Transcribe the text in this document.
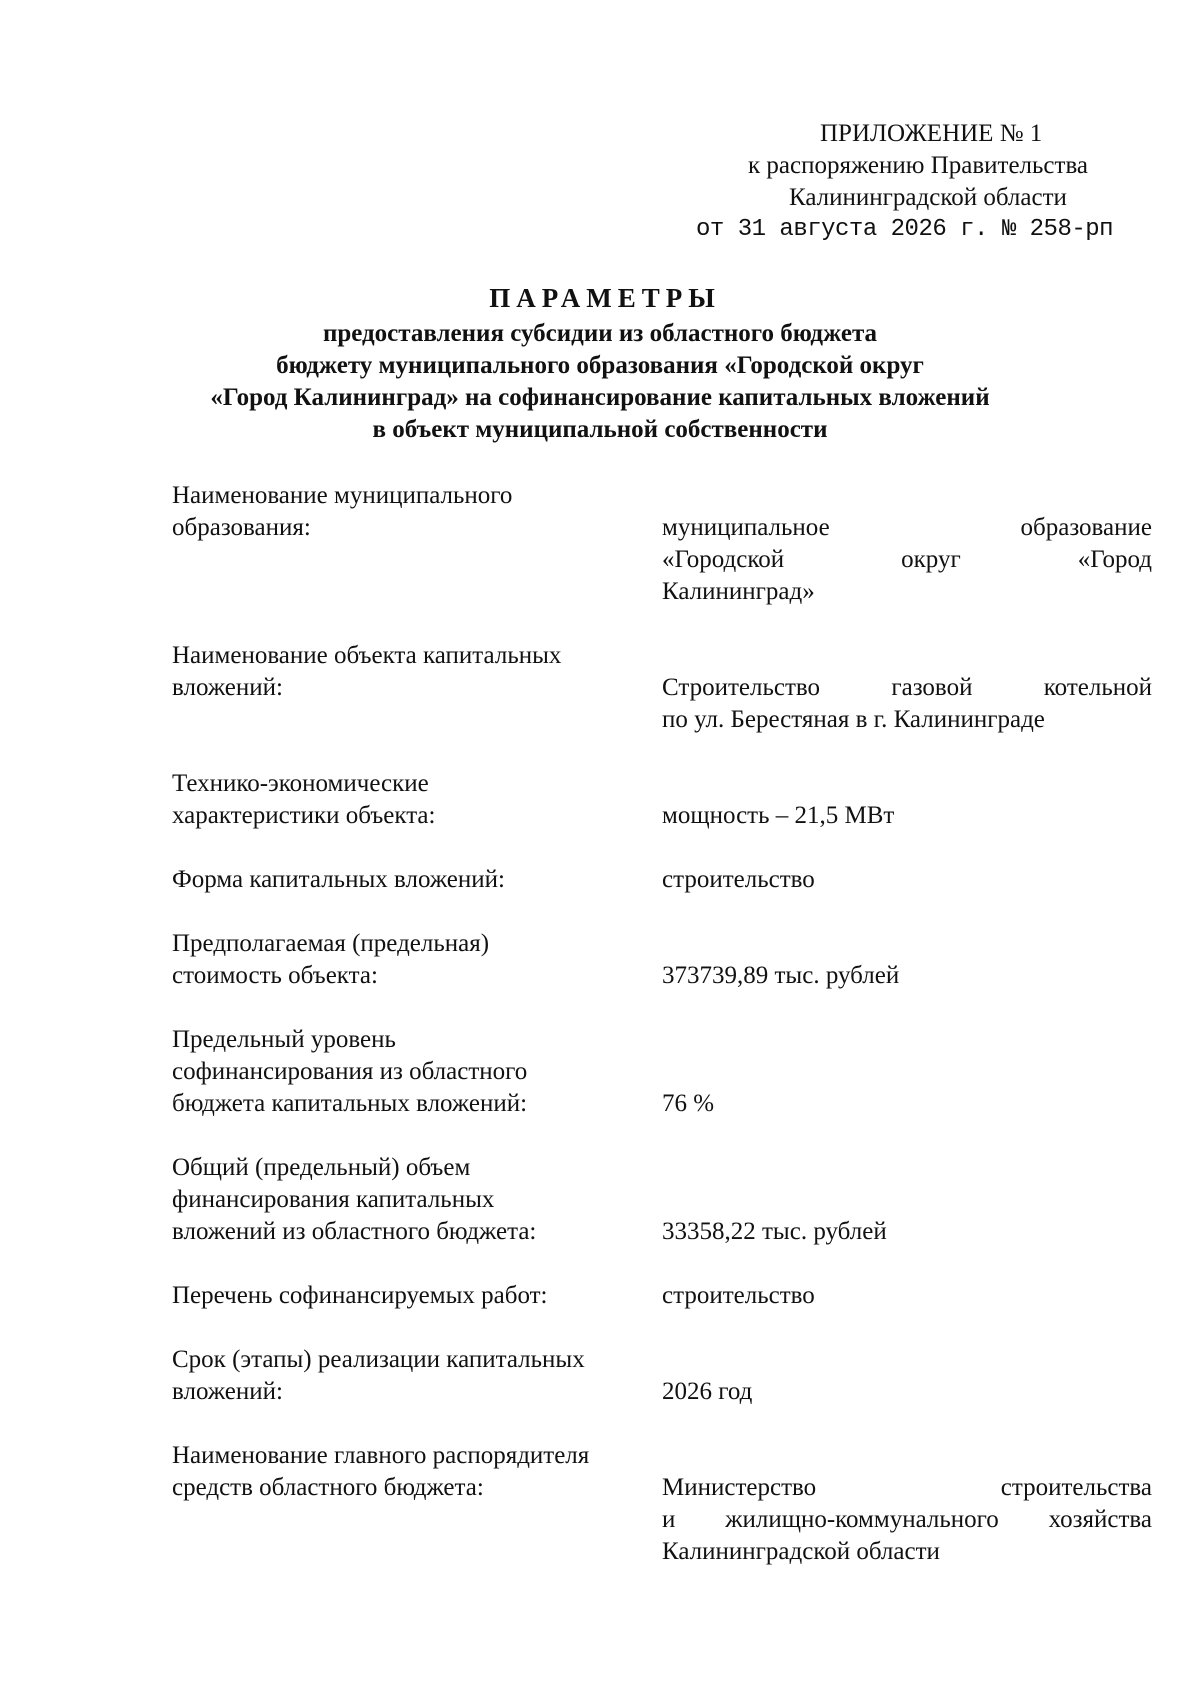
ПРИЛОЖЕНИЕ № 1
к распоряжению Правительства
Калининградской области
от 31 августа 2026 г. № 258-рп
ПАРАМЕТРЫ
предоставления субсидии из областного бюджета
бюджету муниципального образования «Городской округ
«Город Калининград» на софинансирование капитальных вложений
в объект муниципальной собственности
Наименование муниципального
образования:	муниципальное образование
«Городской округ «Город
Калининград»
Наименование объекта капитальных
вложений:	Строительство газовой котельной
по ул. Берестяная в г. Калининграде
Технико-экономические
характеристики объекта:	мощность – 21,5 МВт
Форма капитальных вложений:	строительство
Предполагаемая (предельная)
стоимость объекта:	373739,89 тыс. рублей
Предельный уровень
софинансирования из областного
бюджета капитальных вложений:	76 %
Общий (предельный) объем
финансирования капитальных
вложений из областного бюджета:	33358,22 тыс. рублей
Перечень софинансируемых работ:	строительство
Срок (этапы) реализации капитальных
вложений:	2026 год
Наименование главного распорядителя
средств областного бюджета:	Министерство строительства
и жилищно-коммунального хозяйства
Калининградской области
